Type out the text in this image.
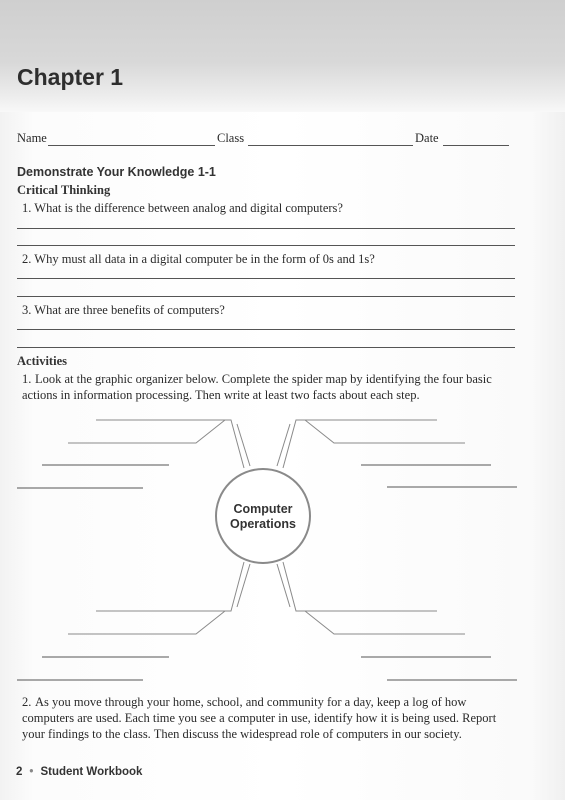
Chapter 1
Name	Class	Date
Demonstrate Your Knowledge 1-1
Critical Thinking
1. What is the difference between analog and digital computers?
2. Why must all data in a digital computer be in the form of 0s and 1s?
3. What are three benefits of computers?
Activities
1. Look at the graphic organizer below. Complete the spider map by identifying the four basic actions in information processing. Then write at least two facts about each step.
Computer
Operations
2. As you move through your home, school, and community for a day, keep a log of how computers are used. Each time you see a computer in use, identify how it is being used. Report your findings to the class. Then discuss the widespread role of computers in our society.
2 • Student Workbook
